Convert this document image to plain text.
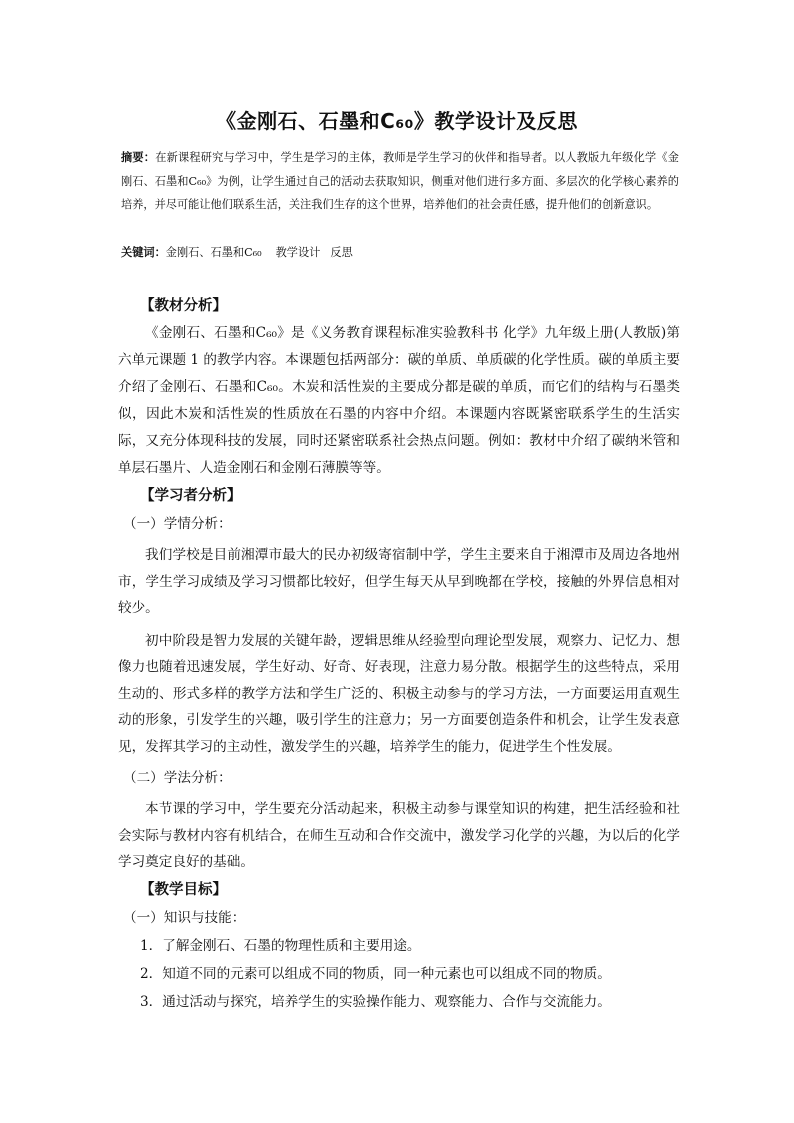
《金刚石、石墨和C₆₀》教学设计及反思
摘要：在新课程研究与学习中，学生是学习的主体，教师是学生学习的伙伴和指导者。以人教版九年级化学《金刚石、石墨和C₆₀》为例，让学生通过自己的活动去获取知识，侧重对他们进行多方面、多层次的化学核心素养的培养，并尽可能让他们联系生活，关注我们生存的这个世界，培养他们的社会责任感，提升他们的创新意识。
关键词：金刚石、石墨和C₆₀ 教学设计 反思
【教材分析】

《金刚石、石墨和C₆₀》是《义务教育课程标准实验教科书 化学》九年级上册(人教版)第六单元课题 1 的教学内容。本课题包括两部分：碳的单质、单质碳的化学性质。碳的单质主要介绍了金刚石、石墨和C₆₀。木炭和活性炭的主要成分都是碳的单质，而它们的结构与石墨类似，因此木炭和活性炭的性质放在石墨的内容中介绍。本课题内容既紧密联系学生的生活实际，又充分体现科技的发展，同时还紧密联系社会热点问题。例如：教材中介绍了碳纳米管和单层石墨片、人造金刚石和金刚石薄膜等等。

【学习者分析】

（一）学情分析：

我们学校是目前湘潭市最大的民办初级寄宿制中学，学生主要来自于湘潭市及周边各地州市，学生学习成绩及学习习惯都比较好，但学生每天从早到晚都在学校，接触的外界信息相对较少。

初中阶段是智力发展的关键年龄，逻辑思维从经验型向理论型发展，观察力、记忆力、想像力也随着迅速发展，学生好动、好奇、好表现，注意力易分散。根据学生的这些特点，采用生动的、形式多样的教学方法和学生广泛的、积极主动参与的学习方法，一方面要运用直观生动的形象，引发学生的兴趣，吸引学生的注意力；另一方面要创造条件和机会，让学生发表意见，发挥其学习的主动性，激发学生的兴趣，培养学生的能力，促进学生个性发展。

（二）学法分析：

本节课的学习中，学生要充分活动起来，积极主动参与课堂知识的构建，把生活经验和社会实际与教材内容有机结合，在师生互动和合作交流中，激发学习化学的兴趣，为以后的化学学习奠定良好的基础。

【教学目标】

（一）知识与技能：

1．了解金刚石、石墨的物理性质和主要用途。

2．知道不同的元素可以组成不同的物质，同一种元素也可以组成不同的物质。

3．通过活动与探究，培养学生的实验操作能力、观察能力、合作与交流能力。
